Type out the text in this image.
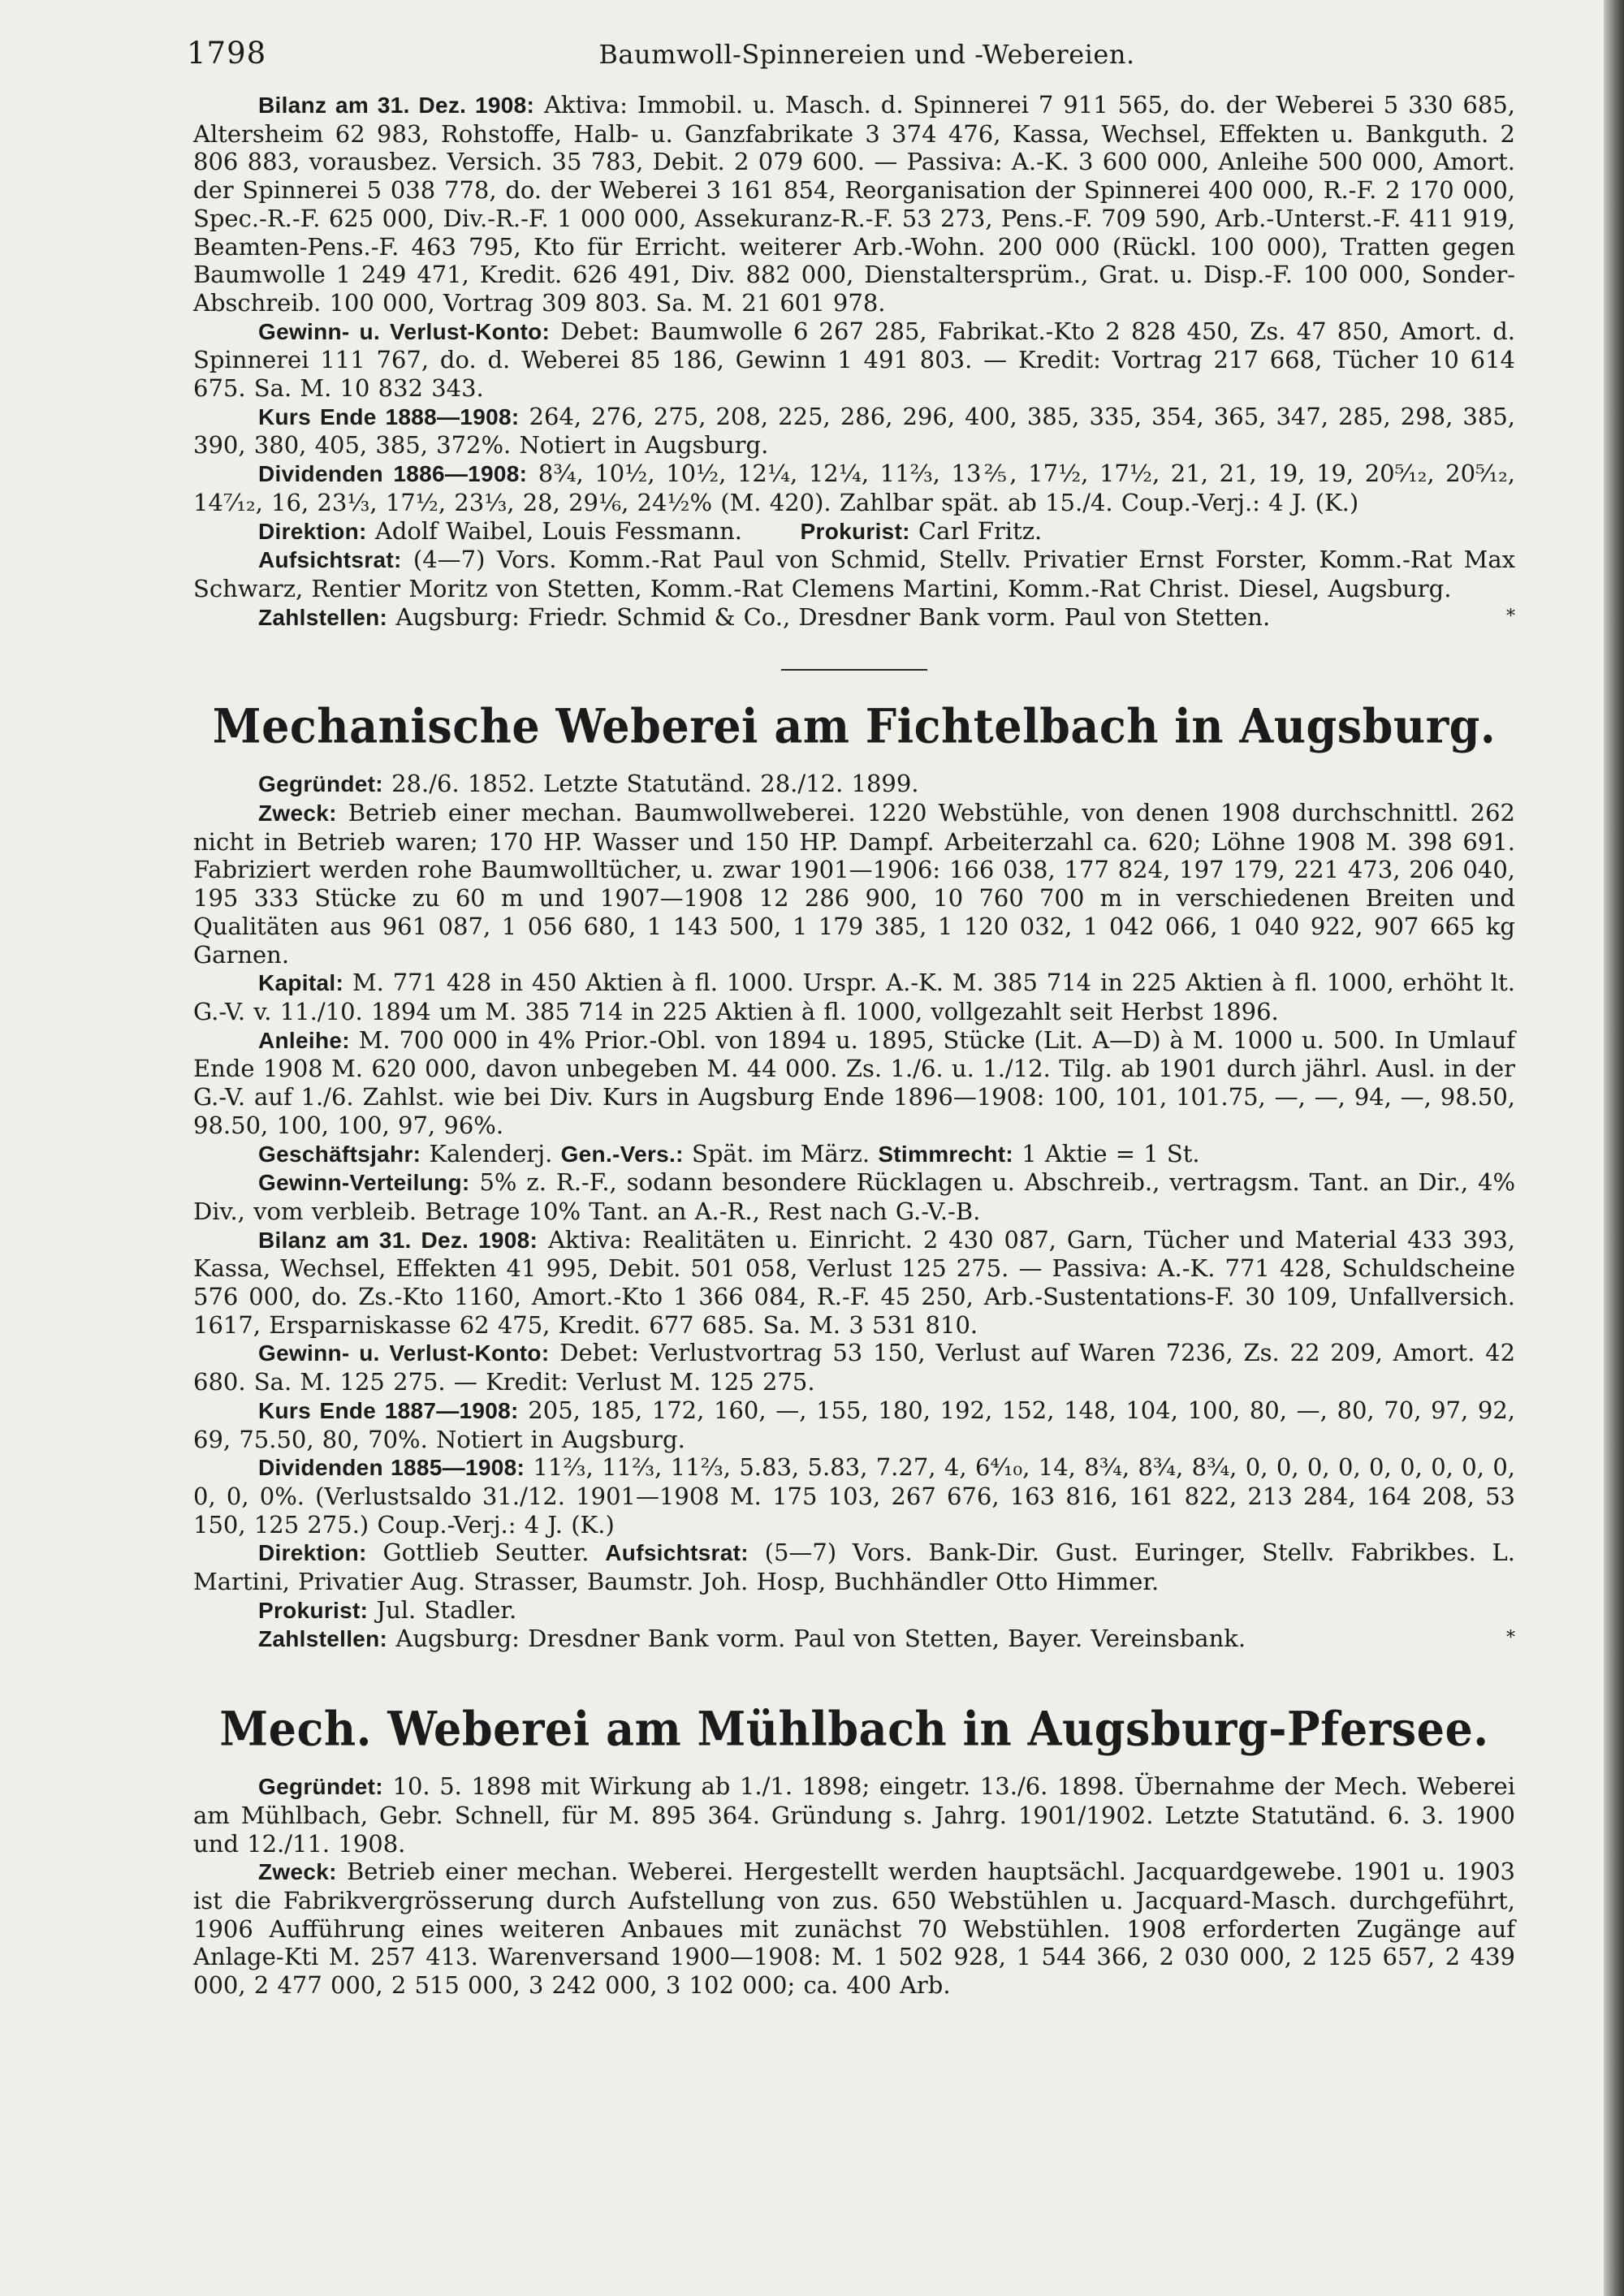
1798	Baumwoll-Spinnereien und -Webereien.

Bilanz am 31. Dez. 1908: Aktiva: Immobil. u. Masch. d. Spinnerei 7 911 565, do. der Weberei 5 330 685, Altersheim 62 983, Rohstoffe, Halb- u. Ganzfabrikate 3 374 476, Kassa, Wechsel, Effekten u. Bankguth. 2 806 883, vorausbez. Versich. 35 783, Debit. 2 079 600. — Passiva: A.-K. 3 600 000, Anleihe 500 000, Amort. der Spinnerei 5 038 778, do. der Weberei 3 161 854, Reorganisation der Spinnerei 400 000, R.-F. 2 170 000, Spec.-R.-F. 625 000, Div.-R.-F. 1 000 000, Assekuranz-R.-F. 53 273, Pens.-F. 709 590, Arb.-Unterst.-F. 411 919, Beamten-Pens.-F. 463 795, Kto für Erricht. weiterer Arb.-Wohn. 200 000 (Rückl. 100 000), Tratten gegen Baumwolle 1 249 471, Kredit. 626 491, Div. 882 000, Dienstaltersprüm., Grat. u. Disp.-F. 100 000, Sonder-Abschreib. 100 000, Vortrag 309 803. Sa. M. 21 601 978.

Gewinn- u. Verlust-Konto: Debet: Baumwolle 6 267 285, Fabrikat.-Kto 2 828 450, Zs. 47 850, Amort. d. Spinnerei 111 767, do. d. Weberei 85 186, Gewinn 1 491 803. — Kredit: Vortrag 217 668, Tücher 10 614 675. Sa. M. 10 832 343.

Kurs Ende 1888—1908: 264, 276, 275, 208, 225, 286, 296, 400, 385, 335, 354, 365, 347, 285, 298, 385, 390, 380, 405, 385, 372%. Notiert in Augsburg.

Dividenden 1886—1908: 8¾, 10½, 10½, 12¼, 12¼, 11⅔, 13⅖, 17½, 17½, 21, 21, 19, 19, 20⁵⁄₁₂, 20⁵⁄₁₂, 14⁷⁄₁₂, 16, 23⅓, 17½, 23⅓, 28, 29⅙, 24½% (M. 420). Zahlbar spät. ab 15./4. Coup.-Verj.: 4 J. (K.)

Direktion: Adolf Waibel, Louis Fessmann.	Prokurist: Carl Fritz.

Aufsichtsrat: (4—7) Vors. Komm.-Rat Paul von Schmid, Stellv. Privatier Ernst Forster, Komm.-Rat Max Schwarz, Rentier Moritz von Stetten, Komm.-Rat Clemens Martini, Komm.-Rat Christ. Diesel, Augsburg.

Zahlstellen: Augsburg: Friedr. Schmid & Co., Dresdner Bank vorm. Paul von Stetten.	*

Mechanische Weberei am Fichtelbach in Augsburg.

Gegründet: 28./6. 1852. Letzte Statutänd. 28./12. 1899.

Zweck: Betrieb einer mechan. Baumwollweberei. 1220 Webstühle, von denen 1908 durchschnittl. 262 nicht in Betrieb waren; 170 HP. Wasser und 150 HP. Dampf. Arbeiterzahl ca. 620; Löhne 1908 M. 398 691. Fabriziert werden rohe Baumwolltücher, u. zwar 1901—1906: 166 038, 177 824, 197 179, 221 473, 206 040, 195 333 Stücke zu 60 m und 1907—1908 12 286 900, 10 760 700 m in verschiedenen Breiten und Qualitäten aus 961 087, 1 056 680, 1 143 500, 1 179 385, 1 120 032, 1 042 066, 1 040 922, 907 665 kg Garnen.

Kapital: M. 771 428 in 450 Aktien à fl. 1000. Urspr. A.-K. M. 385 714 in 225 Aktien à fl. 1000, erhöht lt. G.-V. v. 11./10. 1894 um M. 385 714 in 225 Aktien à fl. 1000, vollgezahlt seit Herbst 1896.

Anleihe: M. 700 000 in 4% Prior.-Obl. von 1894 u. 1895, Stücke (Lit. A—D) à M. 1000 u. 500. In Umlauf Ende 1908 M. 620 000, davon unbegeben M. 44 000. Zs. 1./6. u. 1./12. Tilg. ab 1901 durch jährl. Ausl. in der G.-V. auf 1./6. Zahlst. wie bei Div. Kurs in Augsburg Ende 1896—1908: 100, 101, 101.75, —, —, 94, —, 98.50, 98.50, 100, 100, 97, 96%.

Geschäftsjahr: Kalenderj. Gen.-Vers.: Spät. im März. Stimmrecht: 1 Aktie = 1 St.

Gewinn-Verteilung: 5% z. R.-F., sodann besondere Rücklagen u. Abschreib., vertragsm. Tant. an Dir., 4% Div., vom verbleib. Betrage 10% Tant. an A.-R., Rest nach G.-V.-B.

Bilanz am 31. Dez. 1908: Aktiva: Realitäten u. Einricht. 2 430 087, Garn, Tücher und Material 433 393, Kassa, Wechsel, Effekten 41 995, Debit. 501 058, Verlust 125 275. — Passiva: A.-K. 771 428, Schuldscheine 576 000, do. Zs.-Kto 1160, Amort.-Kto 1 366 084, R.-F. 45 250, Arb.-Sustentations-F. 30 109, Unfallversich. 1617, Ersparniskasse 62 475, Kredit. 677 685. Sa. M. 3 531 810.

Gewinn- u. Verlust-Konto: Debet: Verlustvortrag 53 150, Verlust auf Waren 7236, Zs. 22 209, Amort. 42 680. Sa. M. 125 275. — Kredit: Verlust M. 125 275.

Kurs Ende 1887—1908: 205, 185, 172, 160, —, 155, 180, 192, 152, 148, 104, 100, 80, —, 80, 70, 97, 92, 69, 75.50, 80, 70%. Notiert in Augsburg.

Dividenden 1885—1908: 11⅔, 11⅔, 11⅔, 5.83, 5.83, 7.27, 4, 6⁴⁄₁₀, 14, 8¾, 8¾, 8¾, 0, 0, 0, 0, 0, 0, 0, 0, 0, 0, 0, 0%. (Verlustsaldo 31./12. 1901—1908 M. 175 103, 267 676, 163 816, 161 822, 213 284, 164 208, 53 150, 125 275.) Coup.-Verj.: 4 J. (K.)

Direktion: Gottlieb Seutter. Aufsichtsrat: (5—7) Vors. Bank-Dir. Gust. Euringer, Stellv. Fabrikbes. L. Martini, Privatier Aug. Strasser, Baumstr. Joh. Hosp, Buchhändler Otto Himmer.

Prokurist: Jul. Stadler.

Zahlstellen: Augsburg: Dresdner Bank vorm. Paul von Stetten, Bayer. Vereinsbank.	*

Mech. Weberei am Mühlbach in Augsburg-Pfersee.

Gegründet: 10. 5. 1898 mit Wirkung ab 1./1. 1898; eingetr. 13./6. 1898. Übernahme der Mech. Weberei am Mühlbach, Gebr. Schnell, für M. 895 364. Gründung s. Jahrg. 1901/1902. Letzte Statutänd. 6. 3. 1900 und 12./11. 1908.

Zweck: Betrieb einer mechan. Weberei. Hergestellt werden hauptsächl. Jacquardgewebe. 1901 u. 1903 ist die Fabrikvergrösserung durch Aufstellung von zus. 650 Webstühlen u. Jacquard-Masch. durchgeführt, 1906 Aufführung eines weiteren Anbaues mit zunächst 70 Webstühlen. 1908 erforderten Zugänge auf Anlage-Kti M. 257 413. Warenversand 1900—1908: M. 1 502 928, 1 544 366, 2 030 000, 2 125 657, 2 439 000, 2 477 000, 2 515 000, 3 242 000, 3 102 000; ca. 400 Arb.
